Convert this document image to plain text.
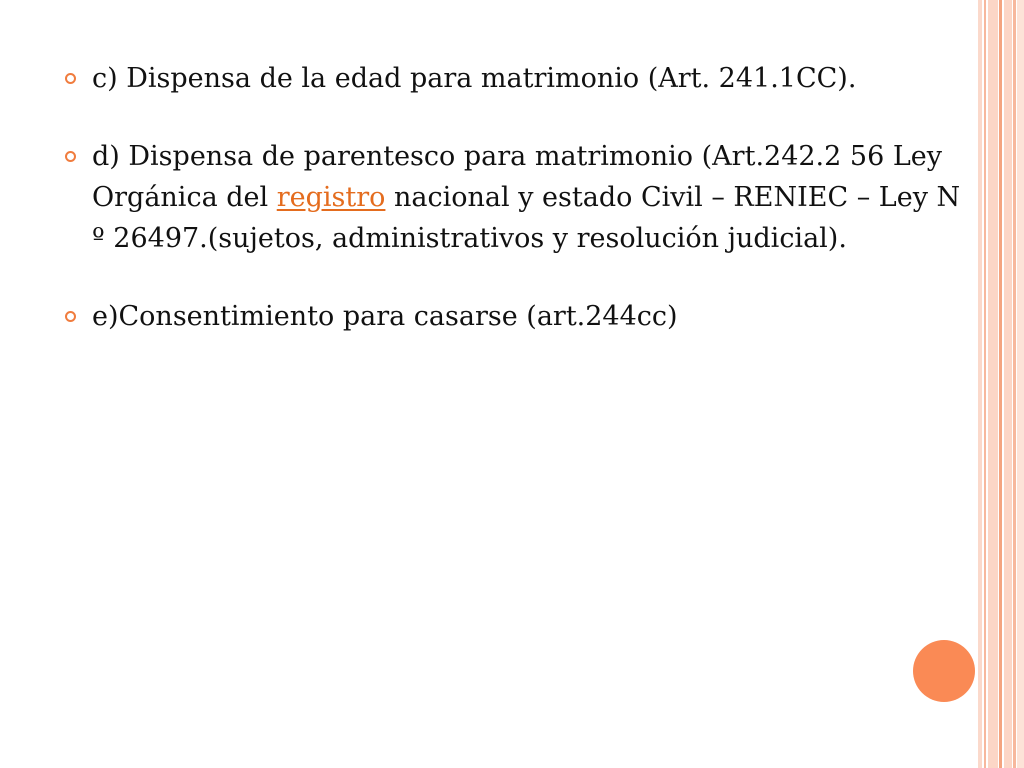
c) Dispensa de la edad para matrimonio (Art. 241.1CC).
d) Dispensa de parentesco para matrimonio (Art.242.2 56 Ley Orgánica del registro nacional y estado Civil – RENIEC – Ley N º 26497.(sujetos, administrativos y resolución judicial).
e)Consentimiento para casarse (art.244cc)
